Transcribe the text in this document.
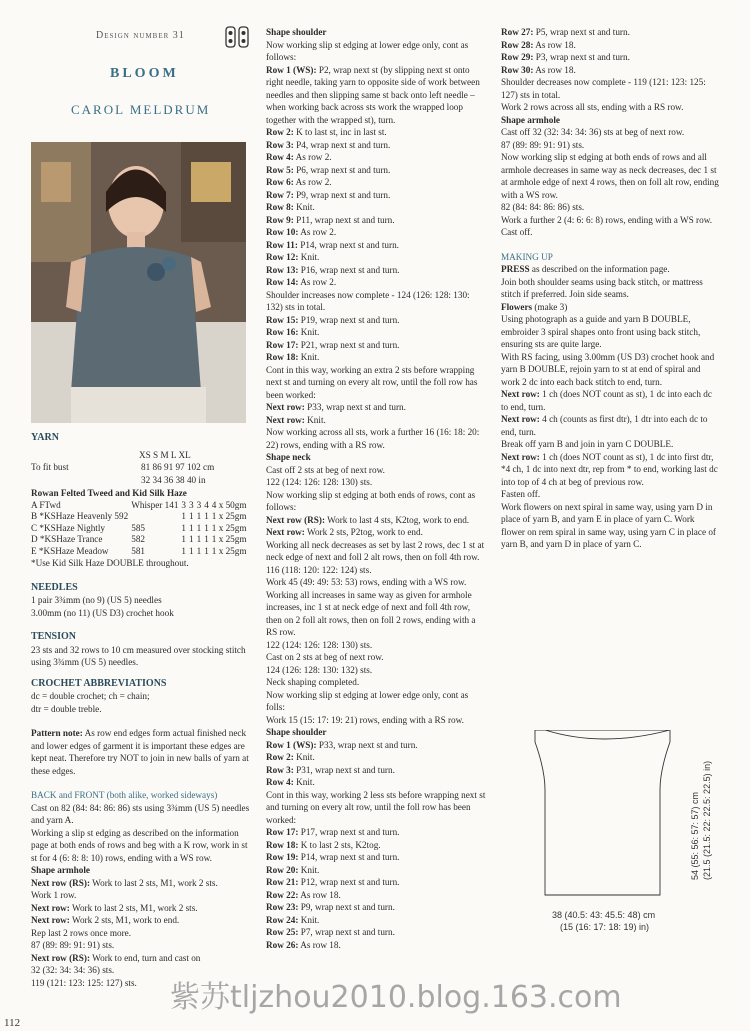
Design number 31
BLOOM
CAROL MELDRUM

YARN

XS S M L XL

To fit bust	81 86 91 97 102 cm

32 34 36 38 40 in

Rowan Felted Tweed and Kid Silk Haze

A FTwd	Whisper 141	3	3	3	4	4 x 50gm
B *KSHaze Heavenly 592		1	1	1	1	1 x 25gm
C *KSHaze Nightly	585	1	1	1	1	1 x 25gm
D *KSHaze Trance	582	1	1	1	1	1 x 25gm
E *KSHaze Meadow	581	1	1	1	1	1 x 25gm

*Use Kid Silk Haze DOUBLE throughout.

NEEDLES

1 pair 3¾mm (no 9) (US 5) needles

3.00mm (no 11) (US D3) crochet hook

TENSION

23 sts and 32 rows to 10 cm measured over stocking stitch using 3¾mm (US 5) needles.

CROCHET ABBREVIATIONS

dc = double crochet; ch = chain;

dtr = double treble.

Pattern note: As row end edges form actual finished neck and lower edges of garment it is important these edges are kept neat. Therefore try NOT to join in new balls of yarn at these edges.

BACK and FRONT (both alike, worked sideways)

Cast on 82 (84: 84: 86: 86) sts using 3¾mm (US 5) needles and yarn A.

Working a slip st edging as described on the information page at both ends of rows and beg with a K row, work in st st for 4 (6: 8: 8: 10) rows, ending with a WS row.

Shape armhole

Next row (RS): Work to last 2 sts, M1, work 2 sts.

Work 1 row.

Next row: Work to last 2 sts, M1, work 2 sts.

Next row: Work 2 sts, M1, work to end.

Rep last 2 rows once more.

87 (89: 89: 91: 91) sts.

Next row (RS): Work to end, turn and cast on

32 (32: 34: 34: 36) sts.

119 (121: 123: 125: 127) sts.

Shape shoulder

Now working slip st edging at lower edge only, cont as follows:

Row 1 (WS): P2, wrap next st (by slipping next st onto right needle, taking yarn to opposite side of work between needles and then slipping same st back onto left needle – when working back across sts work the wrapped loop together with the wrapped st), turn.

Row 2: K to last st, inc in last st.

Row 3: P4, wrap next st and turn.

Row 4: As row 2.

Row 5: P6, wrap next st and turn.

Row 6: As row 2.

Row 7: P9, wrap next st and turn.

Row 8: Knit.

Row 9: P11, wrap next st and turn.

Row 10: As row 2.

Row 11: P14, wrap next st and turn.

Row 12: Knit.

Row 13: P16, wrap next st and turn.

Row 14: As row 2.

Shoulder increases now complete - 124 (126: 128: 130: 132) sts in total.

Row 15: P19, wrap next st and turn.

Row 16: Knit.

Row 17: P21, wrap next st and turn.

Row 18: Knit.

Cont in this way, working an extra 2 sts before wrapping next st and turning on every alt row, until the foll row has been worked:

Next row: P33, wrap next st and turn.

Next row: Knit.

Now working across all sts, work a further 16 (16: 18: 20: 22) rows, ending with a RS row.

Shape neck

Cast off 2 sts at beg of next row.

122 (124: 126: 128: 130) sts.

Now working slip st edging at both ends of rows, cont as follows:

Next row (RS): Work to last 4 sts, K2tog, work to end.

Next row: Work 2 sts, P2tog, work to end.

Working all neck decreases as set by last 2 rows, dec 1 st at neck edge of next and foll 2 alt rows, then on foll 4th row. 116 (118: 120: 122: 124) sts.

Work 45 (49: 49: 53: 53) rows, ending with a WS row.

Working all increases in same way as given for armhole increases, inc 1 st at neck edge of next and foll 4th row, then on 2 foll alt rows, then on foll 2 rows, ending with a RS row.

122 (124: 126: 128: 130) sts.

Cast on 2 sts at beg of next row.

124 (126: 128: 130: 132) sts.

Neck shaping completed.

Now working slip st edging at lower edge only, cont as folls:

Work 15 (15: 17: 19: 21) rows, ending with a RS row.

Shape shoulder

Row 1 (WS): P33, wrap next st and turn.

Row 2: Knit.

Row 3: P31, wrap next st and turn.

Row 4: Knit.

Cont in this way, working 2 less sts before wrapping next st and turning on every alt row, until the foll row has been worked:

Row 17: P17, wrap next st and turn.

Row 18: K to last 2 sts, K2tog.

Row 19: P14, wrap next st and turn.

Row 20: Knit.

Row 21: P12, wrap next st and turn.

Row 22: As row 18.

Row 23: P9, wrap next st and turn.

Row 24: Knit.

Row 25: P7, wrap next st and turn.

Row 26: As row 18.

Row 27: P5, wrap next st and turn.

Row 28: As row 18.

Row 29: P3, wrap next st and turn.

Row 30: As row 18.

Shoulder decreases now complete - 119 (121: 123: 125: 127) sts in total.

Work 2 rows across all sts, ending with a RS row.

Shape armhole

Cast off 32 (32: 34: 34: 36) sts at beg of next row.

87 (89: 89: 91: 91) sts.

Now working slip st edging at both ends of rows and all armhole decreases in same way as neck decreases, dec 1 st at armhole edge of next 4 rows, then on foll alt row, ending with a WS row.

82 (84: 84: 86: 86) sts.

Work a further 2 (4: 6: 6: 8) rows, ending with a WS row.

Cast off.

MAKING UP

PRESS as described on the information page.

Join both shoulder seams using back stitch, or mattress stitch if preferred. Join side seams.

Flowers (make 3)

Using photograph as a guide and yarn B DOUBLE, embroider 3 spiral shapes onto front using back stitch, ensuring sts are quite large.

With RS facing, using 3.00mm (US D3) crochet hook and yarn B DOUBLE, rejoin yarn to st at end of spiral and work 2 dc into each back stitch to end, turn.

Next row: 1 ch (does NOT count as st), 1 dc into each dc to end, turn.

Next row: 4 ch (counts as first dtr), 1 dtr into each dc to end, turn.

Break off yarn B and join in yarn C DOUBLE.

Next row: 1 ch (does NOT count as st), 1 dc into first dtr, *4 ch, 1 dc into next dtr, rep from * to end, working last dc into top of 4 ch at beg of previous row.

Fasten off.

Work flowers on next spiral in same way, using yarn D in place of yarn B, and yarn E in place of yarn C. Work flower on rem spiral in same way, using yarn C in place of yarn B, and yarn D in place of yarn C.

38 (40.5: 43: 45.5: 48) cm
(15 (16: 17: 18: 19) in)
54 (55: 56: 57: 57) cm (21.5 (21.5: 22: 22.5: 22.5) in)
112
紫苏tljzhou2010.blog.163.com
